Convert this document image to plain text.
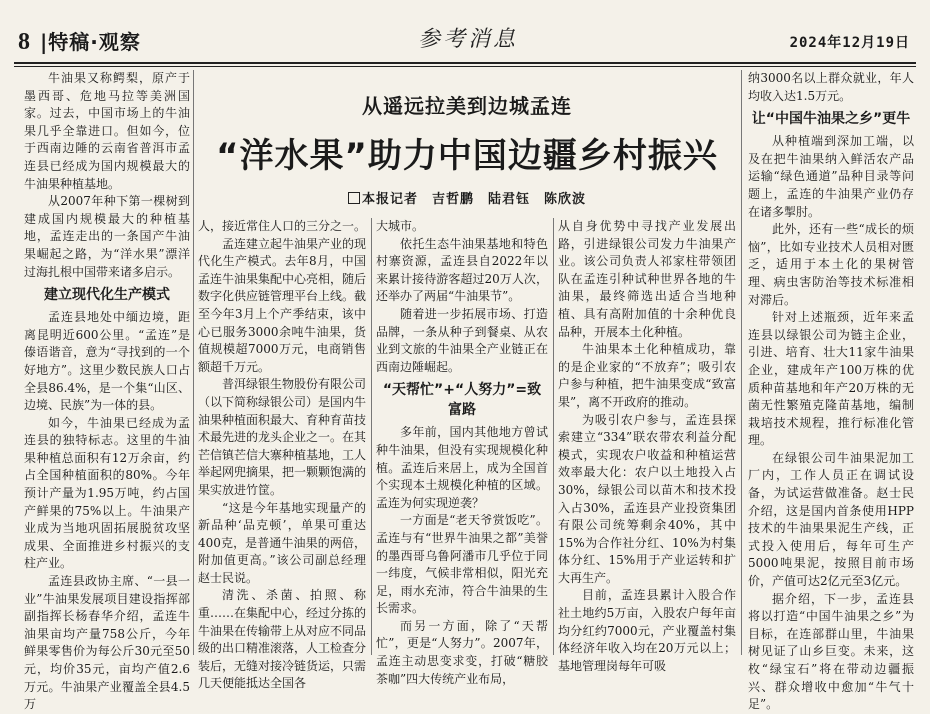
8 |特稿·观察	参考消息	2024年12月19日

牛油果又称鳄梨，原产于墨西哥、危地马拉等美洲国家。过去，中国市场上的牛油果几乎全靠进口。但如今，位于西南边陲的云南省普洱市孟连县已经成为国内规模最大的牛油果种植基地。

从2007年种下第一棵树到建成国内规模最大的种植基地，孟连走出的一条国产牛油果崛起之路，为“洋水果”漂洋过海扎根中国带来诸多启示。

建立现代化生产模式

孟连县地处中缅边境，距离昆明近600公里。“孟连”是傣语谐音，意为“寻找到的一个好地方”。这里少数民族人口占全县86.4%，是一个集“山区、边境、民族”为一体的县。

如今，牛油果已经成为孟连县的独特标志。这里的牛油果种植总面积有12万余亩，约占全国种植面积的80%。今年预计产量为1.95万吨，约占国产鲜果的75%以上。牛油果产业成为当地巩固拓展脱贫攻坚成果、全面推进乡村振兴的支柱产业。

孟连县政协主席、“一县一业”牛油果发展项目建设指挥部副指挥长杨春华介绍，孟连牛油果亩均产量758公斤，今年鲜果零售价为每公斤30元至50元，均价35元，亩均产值2.6万元。牛油果产业覆盖全县4.5万

从遥远拉美到边城孟连
“洋水果”助力中国边疆乡村振兴
本报记者　吉哲鹏　陆君钰　陈欣波

人，接近常住人口的三分之一。

孟连建立起牛油果产业的现代化生产模式。去年8月，中国孟连牛油果集配中心亮相，随后数字化供应链管理平台上线。截至今年3月上个产季结束，该中心已服务3000余吨牛油果，货值规模超7000万元，电商销售额超千万元。

普洱绿银生物股份有限公司（以下简称绿银公司）是国内牛油果种植面积最大、育种育苗技术最先进的龙头企业之一。在其芒信镇芒信大寨种植基地，工人举起网兜摘果，把一颗颗饱满的果实放进竹筐。

“这是今年基地实现量产的新品种‘品克顿’，单果可重达400克，是普通牛油果的两倍，附加值更高。”该公司副总经理赵士民说。

清洗、杀菌、拍照、称重……在集配中心，经过分拣的牛油果在传输带上从对应不同品级的出口精准滚落，人工检查分装后，无缝对接冷链货运，只需几天便能抵达全国各

大城市。

依托生态牛油果基地和特色村寨资源，孟连县自2022年以来累计接待游客超过20万人次，还举办了两届“牛油果节”。

随着进一步拓展市场、打造品牌，一条从种子到餐桌、从农业到文旅的牛油果全产业链正在西南边陲崛起。

“天帮忙”+“人努力”=致富路

多年前，国内其他地方曾试种牛油果，但没有实现规模化种植。孟连后来居上，成为全国首个实现本土规模化种植的区域。孟连为何实现逆袭？

一方面是“老天爷赏饭吃”。孟连与有“世界牛油果之都”美誉的墨西哥乌鲁阿潘市几乎位于同一纬度，气候非常相似，阳光充足，雨水充沛，符合牛油果的生长需求。

而另一方面，除了“天帮忙”，更是“人努力”。2007年，孟连主动思变求变，打破“糖胶茶咖”四大传统产业布局，

从自身优势中寻找产业发展出路，引进绿银公司发力牛油果产业。该公司负责人祁家柱带领团队在孟连引种试种世界各地的牛油果，最终筛选出适合当地种植、具有高附加值的十余种优良品种，开展本土化种植。

牛油果本土化种植成功，靠的是企业家的“不放弃”；吸引农户参与种植，把牛油果变成“致富果”，离不开政府的推动。

为吸引农户参与，孟连县探索建立“334”联农带农利益分配模式，实现农户收益和种植运营效率最大化：农户以土地投入占30%，绿银公司以苗木和技术投入占30%，孟连县产业投资集团有限公司统筹剩余40%，其中15%为合作社分红、10%为村集体分红、15%用于产业运转和扩大再生产。

目前，孟连县累计入股合作社土地约5万亩，入股农户每年亩均分红约7000元，产业覆盖村集体经济年收入均在20万元以上；基地管理岗每年可吸

纳3000名以上群众就业，年人均收入达1.5万元。

让“中国牛油果之乡”更牛

从种植端到深加工端，以及在把牛油果纳入鲜活农产品运输“绿色通道”品种目录等问题上，孟连的牛油果产业仍存在诸多掣肘。

此外，还有一些“成长的烦恼”，比如专业技术人员相对匮乏，适用于本土化的果树管理、病虫害防治等技术标准相对滞后。

针对上述瓶颈，近年来孟连县以绿银公司为链主企业，引进、培育、壮大11家牛油果企业，建成年产100万株的优质种苗基地和年产20万株的无菌无性繁殖克隆苗基地，编制栽培技术规程，推行标准化管理。

在绿银公司牛油果泥加工厂内，工作人员正在调试设备，为试运营做准备。赵士民介绍，这是国内首条使用HPP技术的牛油果果泥生产线，正式投入使用后，每年可生产5000吨果泥，按照目前市场价，产值可达2亿元至3亿元。

据介绍，下一步，孟连县将以打造“中国牛油果之乡”为目标，在连部群山里，牛油果树见证了山乡巨变。未来，这枚“绿宝石”将在带动边疆振兴、群众增收中愈加“牛气十足”。
